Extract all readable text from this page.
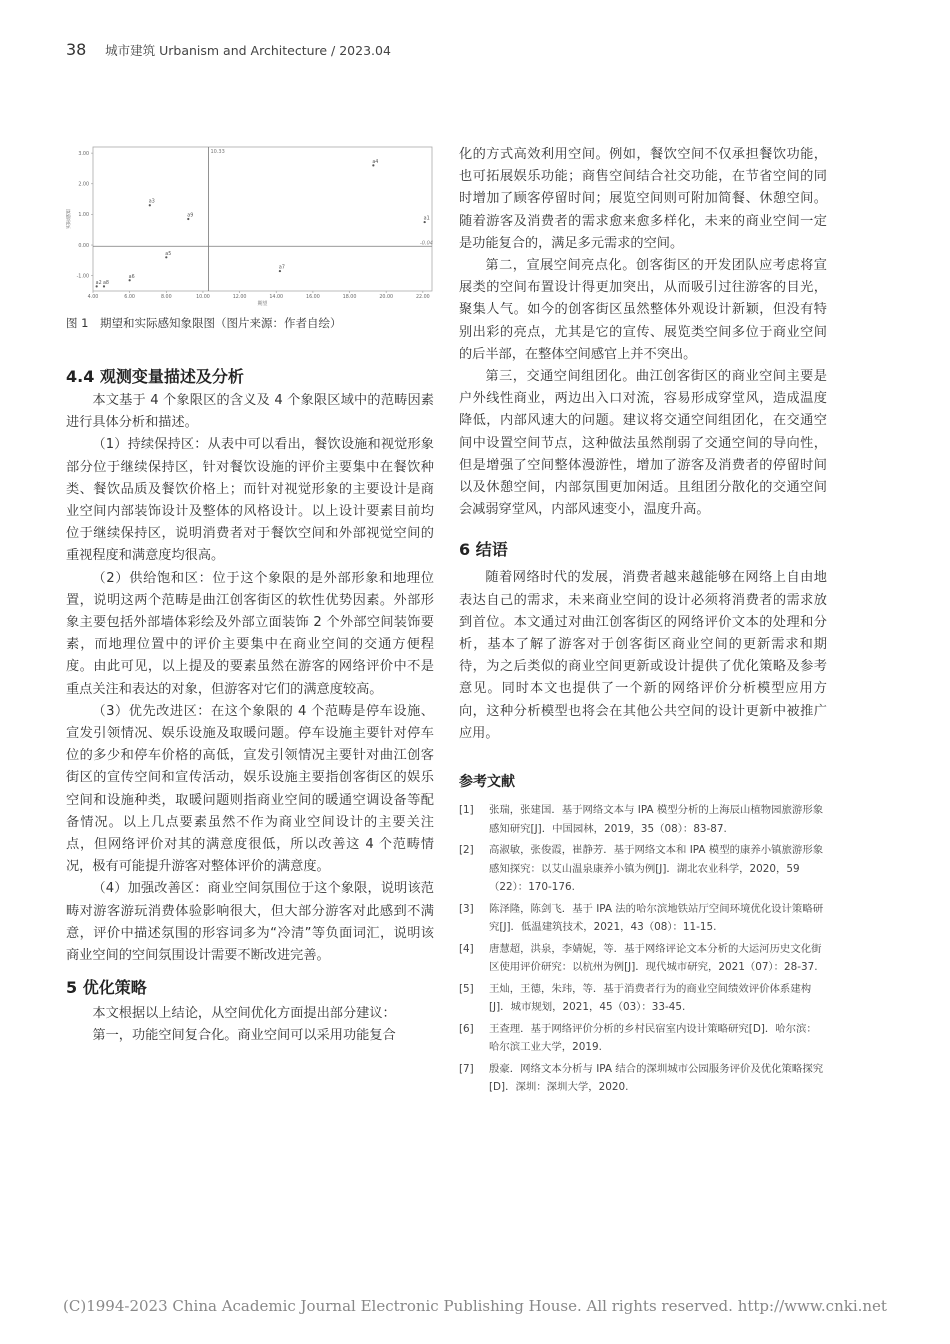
38 城市建筑 Urbanism and Architecture / 2023.04
10.33
-0.04
4.00	6.00	8.00	10.00	12.00	14.00	16.00	18.00	20.00	22.00
3.00
2.00
1.00
0.00
-1.00
期望
实际感知	a1
a2
a3
a4
a5
a6
a7
a8
a9
图 1　期望和实际感知象限图（图片来源：作者自绘）
4.4 观测变量描述及分析

本文基于 4 个象限区的含义及 4 个象限区域中的范畴因素进行具体分析和描述。

（1）持续保持区：从表中可以看出，餐饮设施和视觉形象部分位于继续保持区，针对餐饮设施的评价主要集中在餐饮种类、餐饮品质及餐饮价格上；而针对视觉形象的主要设计是商业空间内部装饰设计及整体的风格设计。以上设计要素目前均位于继续保持区，说明消费者对于餐饮空间和外部视觉空间的重视程度和满意度均很高。

（2）供给饱和区：位于这个象限的是外部形象和地理位置，说明这两个范畴是曲江创客街区的软性优势因素。外部形象主要包括外部墙体彩绘及外部立面装饰 2 个外部空间装饰要素，而地理位置中的评价主要集中在商业空间的交通方便程度。由此可见，以上提及的要素虽然在游客的网络评价中不是重点关注和表达的对象，但游客对它们的满意度较高。

（3）优先改进区：在这个象限的 4 个范畴是停车设施、宣发引领情况、娱乐设施及取暖问题。停车设施主要针对停车位的多少和停车价格的高低，宣发引领情况主要针对曲江创客街区的宣传空间和宣传活动，娱乐设施主要指创客街区的娱乐空间和设施种类，取暖问题则指商业空间的暖通空调设备等配备情况。以上几点要素虽然不作为商业空间设计的主要关注点，但网络评价对其的满意度很低，所以改善这 4 个范畴情况，极有可能提升游客对整体评价的满意度。

（4）加强改善区：商业空间氛围位于这个象限，说明该范畴对游客游玩消费体验影响很大，但大部分游客对此感到不满意，评价中描述氛围的形容词多为“冷清”等负面词汇，说明该商业空间的空间氛围设计需要不断改进完善。

5 优化策略

本文根据以上结论，从空间优化方面提出部分建议：

第一，功能空间复合化。商业空间可以采用功能复合

化的方式高效利用空间。例如，餐饮空间不仅承担餐饮功能，也可拓展娱乐功能；商售空间结合社交功能，在节省空间的同时增加了顾客停留时间；展览空间则可附加简餐、休憩空间。随着游客及消费者的需求愈来愈多样化，未来的商业空间一定是功能复合的，满足多元需求的空间。

第二，宣展空间亮点化。创客街区的开发团队应考虑将宣展类的空间布置设计得更加突出，从而吸引过往游客的目光，聚集人气。如今的创客街区虽然整体外观设计新颖，但没有特别出彩的亮点，尤其是它的宣传、展览类空间多位于商业空间的后半部，在整体空间感官上并不突出。

第三，交通空间组团化。曲江创客街区的商业空间主要是户外线性商业，两边出入口对流，容易形成穿堂风，造成温度降低，内部风速大的问题。建议将交通空间组团化，在交通空间中设置空间节点，这种做法虽然削弱了交通空间的导向性，但是增强了空间整体漫游性，增加了游客及消费者的停留时间以及休憩空间，内部氛围更加闲适。且组团分散化的交通空间会减弱穿堂风，内部风速变小，温度升高。

6 结语

随着网络时代的发展，消费者越来越能够在网络上自由地表达自己的需求，未来商业空间的设计必须将消费者的需求放到首位。本文通过对曲江创客街区的网络评价文本的处理和分析，基本了解了游客对于创客街区商业空间的更新需求和期待，为之后类似的商业空间更新或设计提供了优化策略及参考意见。同时本文也提供了一个新的网络评价分析模型应用方向，这种分析模型也将会在其他公共空间的设计更新中被推广应用。

参考文献
[1] 张瑞，张建国．基于网络文本与 IPA 模型分析的上海辰山植物园旅游形象感知研究[J]．中国园林，2019，35（08）：83-87.
[2] 高淑敏，张俊霞，崔静芳．基于网络文本和 IPA 模型的康养小镇旅游形象感知探究：以艾山温泉康养小镇为例[J]．湖北农业科学，2020，59（22）：170-176.
[3] 陈泽隆，陈剑飞．基于 IPA 法的哈尔滨地铁站厅空间环境优化设计策略研究[J]．低温建筑技术，2021，43（08）：11-15.
[4] 唐慧超，洪泉，李婧妮，等．基于网络评论文本分析的大运河历史文化街区使用评价研究：以杭州为例[J]．现代城市研究，2021（07）：28-37.
[5] 王灿，王德，朱玮，等．基于消费者行为的商业空间绩效评价体系建构[J]．城市规划，2021，45（03）：33-45.
[6] 王查理．基于网络评价分析的乡村民宿室内设计策略研究[D]．哈尔滨：哈尔滨工业大学，2019.
[7] 殷豪．网络文本分析与 IPA 结合的深圳城市公园服务评价及优化策略探究[D]．深圳：深圳大学，2020.
(C)1994-2023 China Academic Journal Electronic Publishing House. All rights reserved. http://www.cnki.net
